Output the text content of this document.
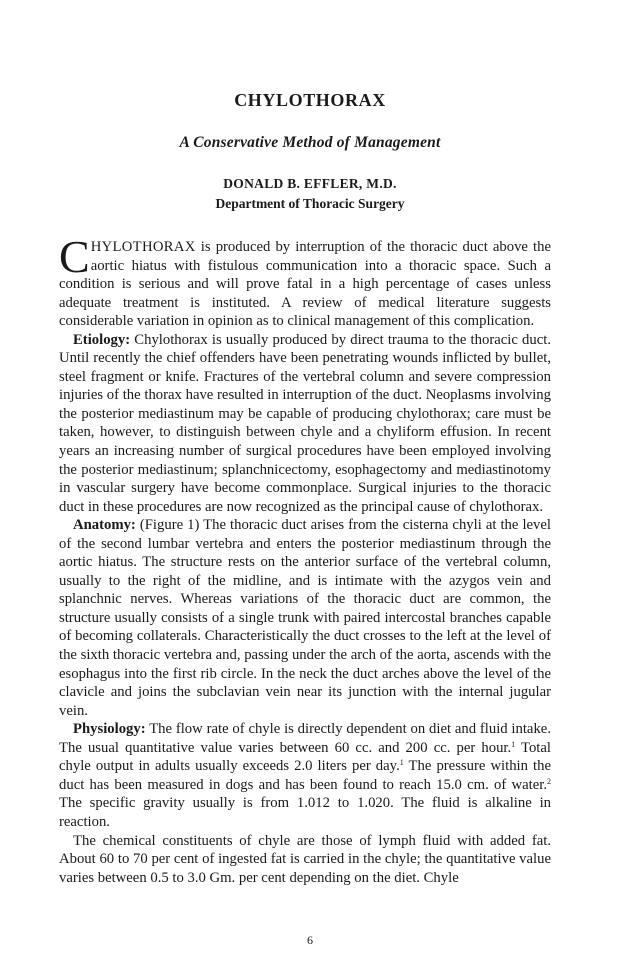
CHYLOTHORAX
A Conservative Method of Management
DONALD B. EFFLER, M.D.
Department of Thoracic Surgery

CHYLOTHORAX is produced by interruption of the thoracic duct above the aortic hiatus with fistulous communication into a thoracic space. Such a condition is serious and will prove fatal in a high percentage of cases unless adequate treatment is instituted. A review of medical literature suggests considerable variation in opinion as to clinical management of this complication.

Etiology: Chylothorax is usually produced by direct trauma to the thoracic duct. Until recently the chief offenders have been penetrating wounds inflicted by bullet, steel fragment or knife. Fractures of the vertebral column and severe compression injuries of the thorax have resulted in interruption of the duct. Neoplasms involving the posterior mediastinum may be capable of producing chylothorax; care must be taken, however, to distinguish between chyle and a chyliform effusion. In recent years an increasing number of surgical procedures have been employed involving the posterior mediastinum; splanchnicectomy, esophagectomy and mediastinotomy in vascular surgery have become commonplace. Surgical injuries to the thoracic duct in these procedures are now recognized as the principal cause of chylothorax.

Anatomy: (Figure 1) The thoracic duct arises from the cisterna chyli at the level of the second lumbar vertebra and enters the posterior mediastinum through the aortic hiatus. The structure rests on the anterior surface of the vertebral column, usually to the right of the midline, and is intimate with the azygos vein and splanchnic nerves. Whereas variations of the thoracic duct are common, the structure usually consists of a single trunk with paired intercostal branches capable of becoming collaterals. Characteristically the duct crosses to the left at the level of the sixth thoracic vertebra and, passing under the arch of the aorta, ascends with the esophagus into the first rib circle. In the neck the duct arches above the level of the clavicle and joins the subclavian vein near its junction with the internal jugular vein.

Physiology: The flow rate of chyle is directly dependent on diet and fluid intake. The usual quantitative value varies between 60 cc. and 200 cc. per hour.$^1$ Total chyle output in adults usually exceeds 2.0 liters per day.$^1$ The pressure within the duct has been measured in dogs and has been found to reach 15.0 cm. of water.$^2$ The specific gravity usually is from 1.012 to 1.020. The fluid is alkaline in reaction.

The chemical constituents of chyle are those of lymph fluid with added fat. About 60 to 70 per cent of ingested fat is carried in the chyle; the quantitative value varies between 0.5 to 3.0 Gm. per cent depending on the diet. Chyle

6
